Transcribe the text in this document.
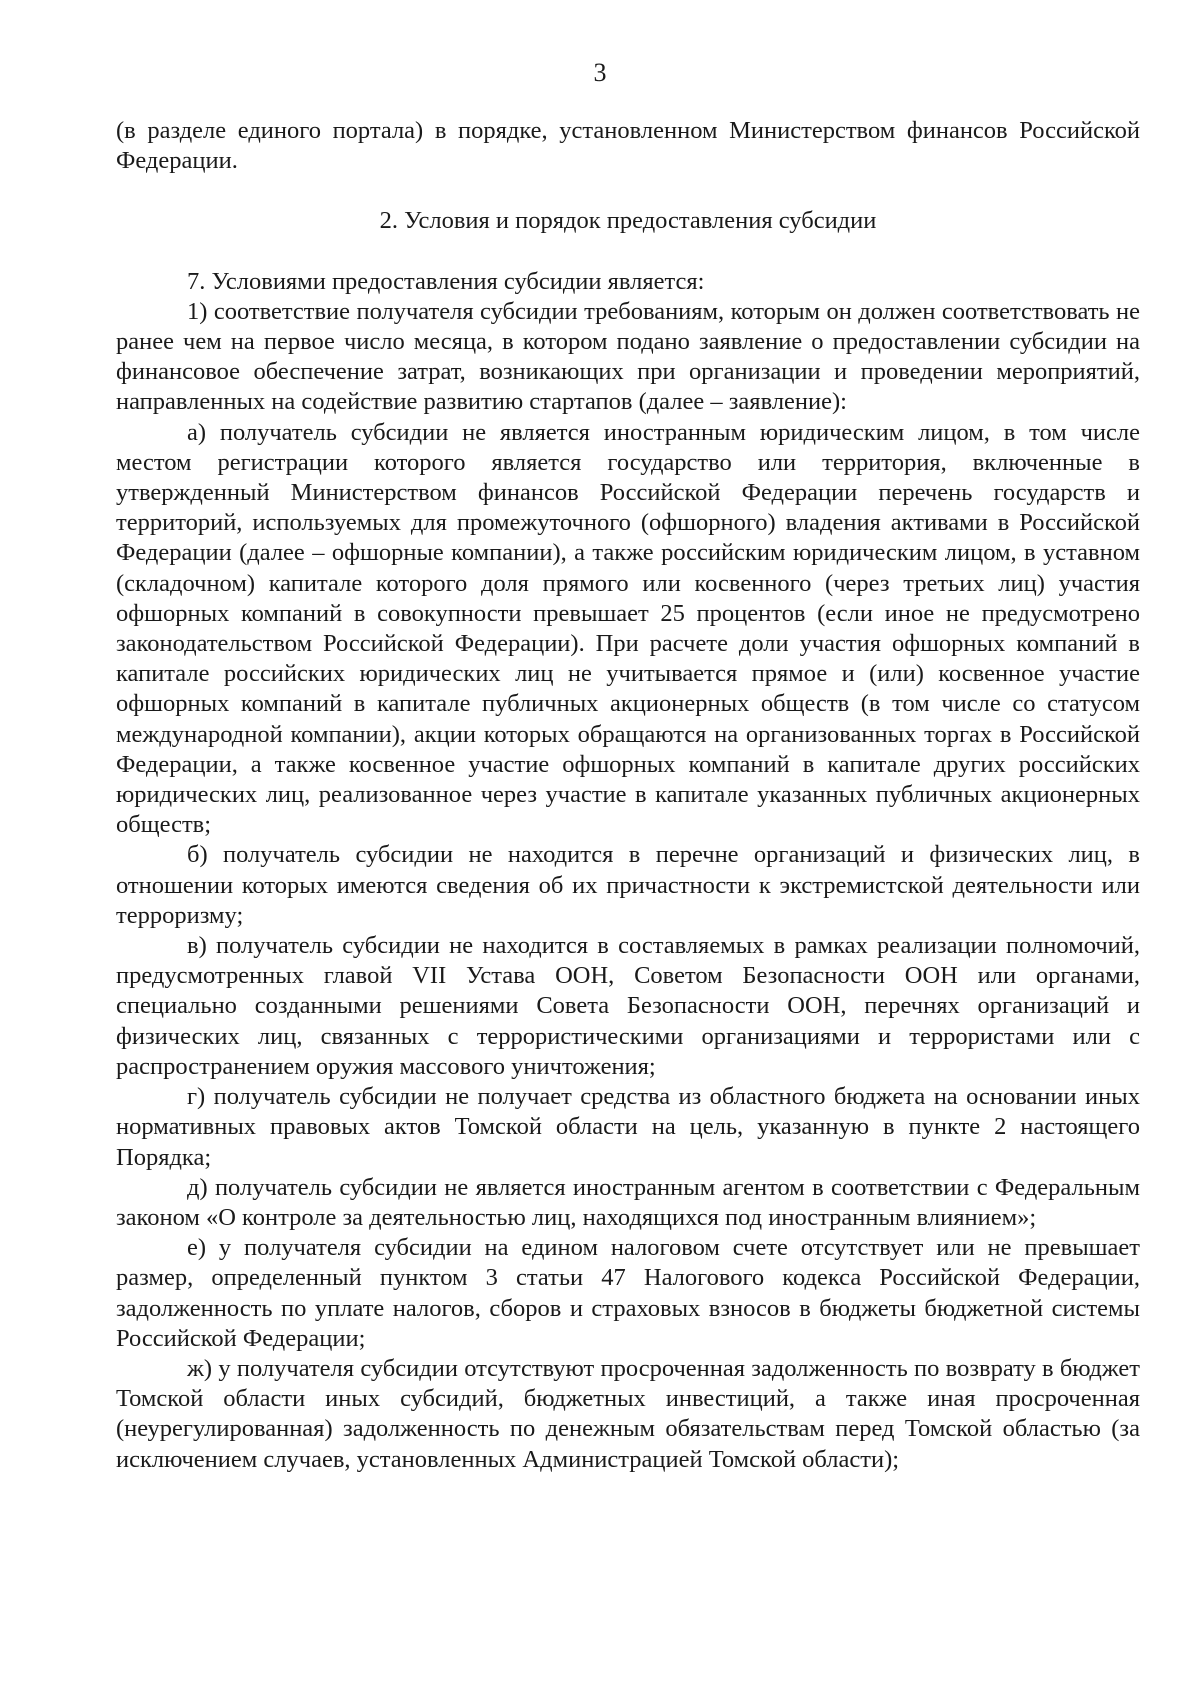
3

(в разделе единого портала) в порядке, установленном Министерством финансов Российской Федерации.

2. Условия и порядок предоставления субсидии

7. Условиями предоставления субсидии является:

1) соответствие получателя субсидии требованиям, которым он должен соответствовать не ранее чем на первое число месяца, в котором подано заявление о предоставлении субсидии на финансовое обеспечение затрат, возникающих при организации и проведении мероприятий, направленных на содействие развитию стартапов (далее – заявление):

а) получатель субсидии не является иностранным юридическим лицом, в том числе местом регистрации которого является государство или территория, включенные в утвержденный Министерством финансов Российской Федерации перечень государств и территорий, используемых для промежуточного (офшорного) владения активами в Российской Федерации (далее – офшорные компании), а также российским юридическим лицом, в уставном (складочном) капитале которого доля прямого или косвенного (через третьих лиц) участия офшорных компаний в совокупности превышает 25 процентов (если иное не предусмотрено законодательством Российской Федерации). При расчете доли участия офшорных компаний в капитале российских юридических лиц не учитывается прямое и (или) косвенное участие офшорных компаний в капитале публичных акционерных обществ (в том числе со статусом международной компании), акции которых обращаются на организованных торгах в Российской Федерации, а также косвенное участие офшорных компаний в капитале других российских юридических лиц, реализованное через участие в капитале указанных публичных акционерных обществ;

б) получатель субсидии не находится в перечне организаций и физических лиц, в отношении которых имеются сведения об их причастности к экстремистской деятельности или терроризму;

в) получатель субсидии не находится в составляемых в рамках реализации полномочий, предусмотренных главой VII Устава ООН, Советом Безопасности ООН или органами, специально созданными решениями Совета Безопасности ООН, перечнях организаций и физических лиц, связанных с террористическими организациями и террористами или с распространением оружия массового уничтожения;

г) получатель субсидии не получает средства из областного бюджета на основании иных нормативных правовых актов Томской области на цель, указанную в пункте 2 настоящего Порядка;

д) получатель субсидии не является иностранным агентом в соответствии с Федеральным законом «О контроле за деятельностью лиц, находящихся под иностранным влиянием»;

е) у получателя субсидии на едином налоговом счете отсутствует или не превышает размер, определенный пунктом 3 статьи 47 Налогового кодекса Российской Федерации, задолженность по уплате налогов, сборов и страховых взносов в бюджеты бюджетной системы Российской Федерации;

ж) у получателя субсидии отсутствуют просроченная задолженность по возврату в бюджет Томской области иных субсидий, бюджетных инвестиций, а также иная просроченная (неурегулированная) задолженность по денежным обязательствам перед Томской областью (за исключением случаев, установленных Администрацией Томской области);
